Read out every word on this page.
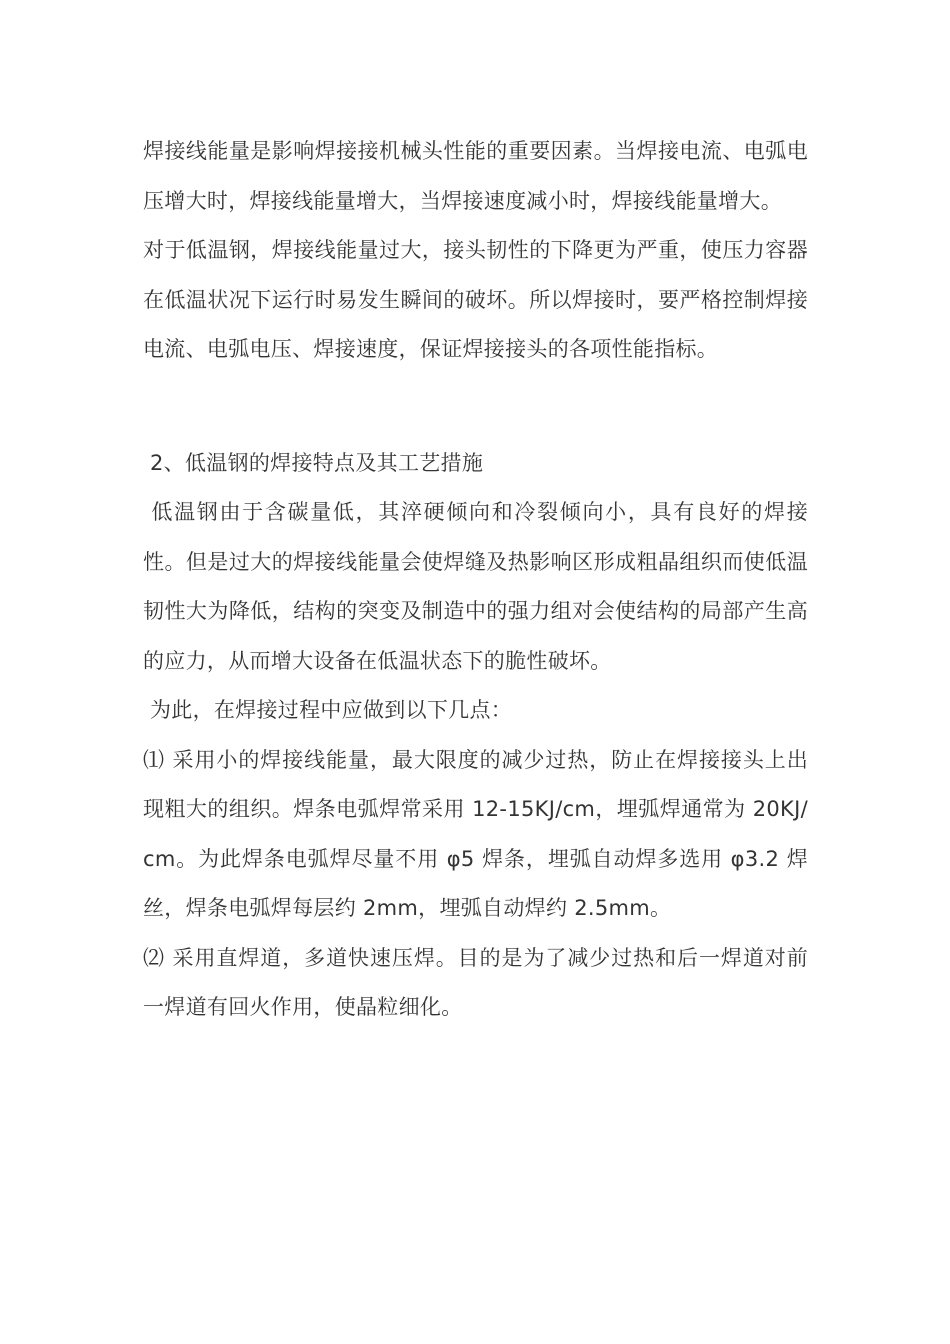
焊接线能量是影响焊接接机械头性能的重要因素。当焊接电流、电弧电压增大时，焊接线能量增大，当焊接速度减小时，焊接线能量增大。

对于低温钢，焊接线能量过大，接头韧性的下降更为严重，使压力容器在低温状况下运行时易发生瞬间的破坏。所以焊接时，要严格控制焊接电流、电弧电压、焊接速度，保证焊接接头的各项性能指标。

2、低温钢的焊接特点及其工艺措施

低温钢由于含碳量低，其淬硬倾向和冷裂倾向小，具有良好的焊接性。但是过大的焊接线能量会使焊缝及热影响区形成粗晶组织而使低温韧性大为降低，结构的突变及制造中的强力组对会使结构的局部产生高的应力，从而增大设备在低温状态下的脆性破坏。

为此，在焊接过程中应做到以下几点：

⑴ 采用小的焊接线能量，最大限度的减少过热，防止在焊接接头上出现粗大的组织。焊条电弧焊常采用 12-15KJ/cm，埋弧焊通常为 20KJ/cm。为此焊条电弧焊尽量不用 φ5 焊条，埋弧自动焊多选用 φ3.2 焊丝，焊条电弧焊每层约 2mm，埋弧自动焊约 2.5mm。

⑵ 采用直焊道，多道快速压焊。目的是为了减少过热和后一焊道对前一焊道有回火作用，使晶粒细化。
